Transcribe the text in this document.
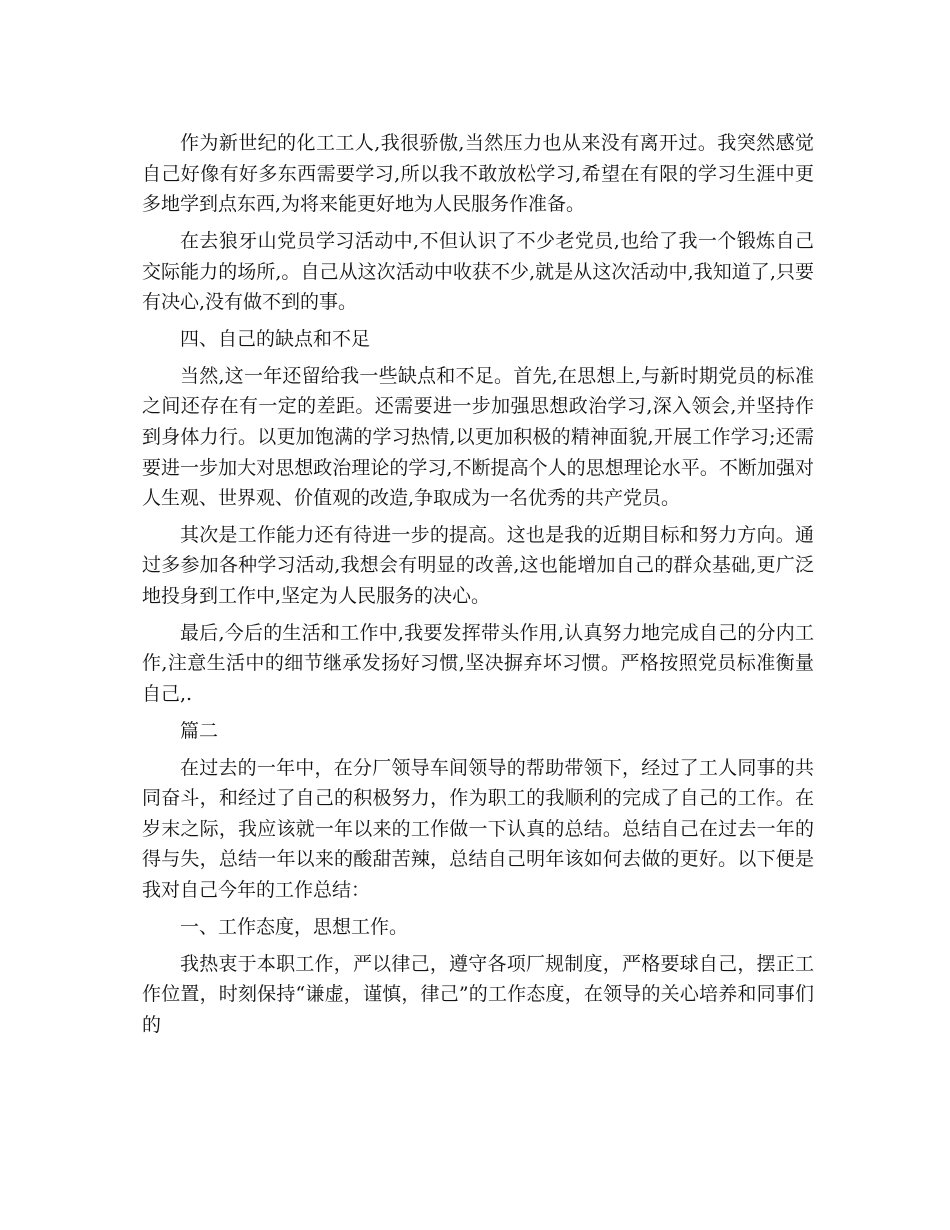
作为新世纪的化工工人,我很骄傲,当然压力也从来没有离开过。我突然感觉自己好像有好多东西需要学习,所以我不敢放松学习,希望在有限的学习生涯中更多地学到点东西,为将来能更好地为人民服务作准备。

在去狼牙山党员学习活动中,不但认识了不少老党员,也给了我一个锻炼自己交际能力的场所,。自己从这次活动中收获不少,就是从这次活动中,我知道了,只要有决心,没有做不到的事。

四、自己的缺点和不足

当然,这一年还留给我一些缺点和不足。首先,在思想上,与新时期党员的标准之间还存在有一定的差距。还需要进一步加强思想政治学习,深入领会,并坚持作到身体力行。以更加饱满的学习热情,以更加积极的精神面貌,开展工作学习;还需要进一步加大对思想政治理论的学习,不断提高个人的思想理论水平。不断加强对人生观、世界观、价值观的改造,争取成为一名优秀的共产党员。

其次是工作能力还有待进一步的提高。这也是我的近期目标和努力方向。通过多参加各种学习活动,我想会有明显的改善,这也能增加自己的群众基础,更广泛地投身到工作中,坚定为人民服务的决心。

最后,今后的生活和工作中,我要发挥带头作用,认真努力地完成自己的分内工作,注意生活中的细节继承发扬好习惯,坚决摒弃坏习惯。严格按照党员标准衡量自己,.

篇二

在过去的一年中，在分厂领导车间领导的帮助带领下，经过了工人同事的共同奋斗，和经过了自己的积极努力，作为职工的我顺利的完成了自己的工作。在岁末之际，我应该就一年以来的工作做一下认真的总结。总结自己在过去一年的得与失，总结一年以来的酸甜苦辣，总结自己明年该如何去做的更好。以下便是我对自己今年的工作总结：

一、工作态度，思想工作。

我热衷于本职工作，严以律己，遵守各项厂规制度，严格要球自己，摆正工作位置，时刻保持“谦虚，谨慎，律己”的工作态度，在领导的关心培养和同事们的
